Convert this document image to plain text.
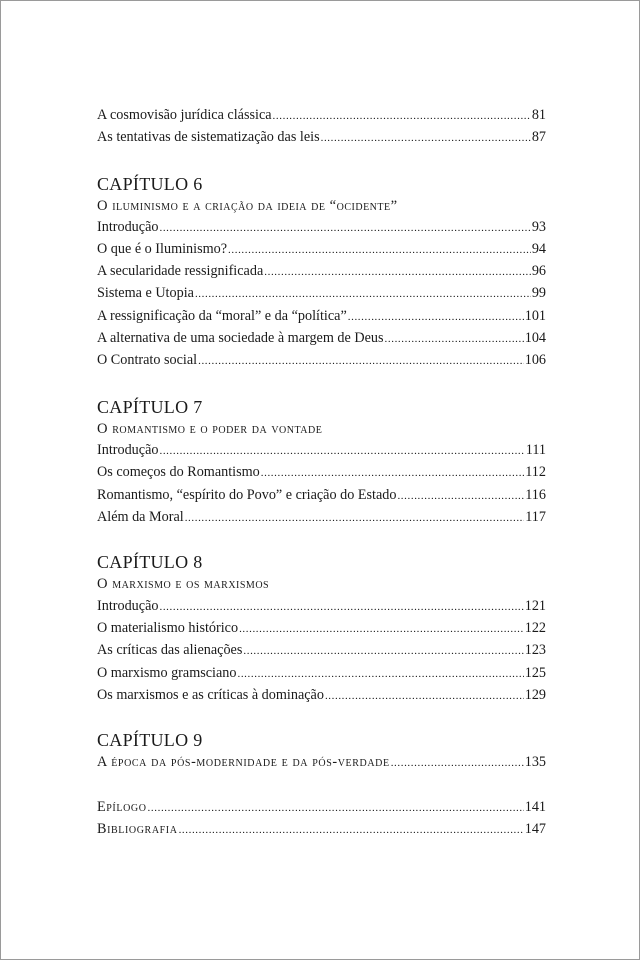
A cosmovisão jurídica clássica .....	81
As tentativas de sistematização das leis .....	87
CAPÍTULO 6
O iluminismo e a criação da ideia de “ocidente”
Introdução .....	93
O que é o Iluminismo? .....	94
A secularidade ressignificada .....	96
Sistema e Utopia .....	99
A ressignificação da “moral” e da “política” .....	101
A alternativa de uma sociedade à margem de Deus .....	104
O Contrato social .....	106
CAPÍTULO 7
O romantismo e o poder da vontade
Introdução .....	111
Os começos do Romantismo .....	112
Romantismo, “espírito do Povo” e criação do Estado .....	116
Além da Moral .....	117
CAPÍTULO 8
O marxismo e os marxismos
Introdução .....	121
O materialismo histórico .....	122
As críticas das alienações .....	123
O marxismo gramsciano .....	125
Os marxismos e as críticas à dominação .....	129
CAPÍTULO 9
A época da pós-modernidade e da pós-verdade .....	135
Epílogo .....	141
Bibliografia .....	147
